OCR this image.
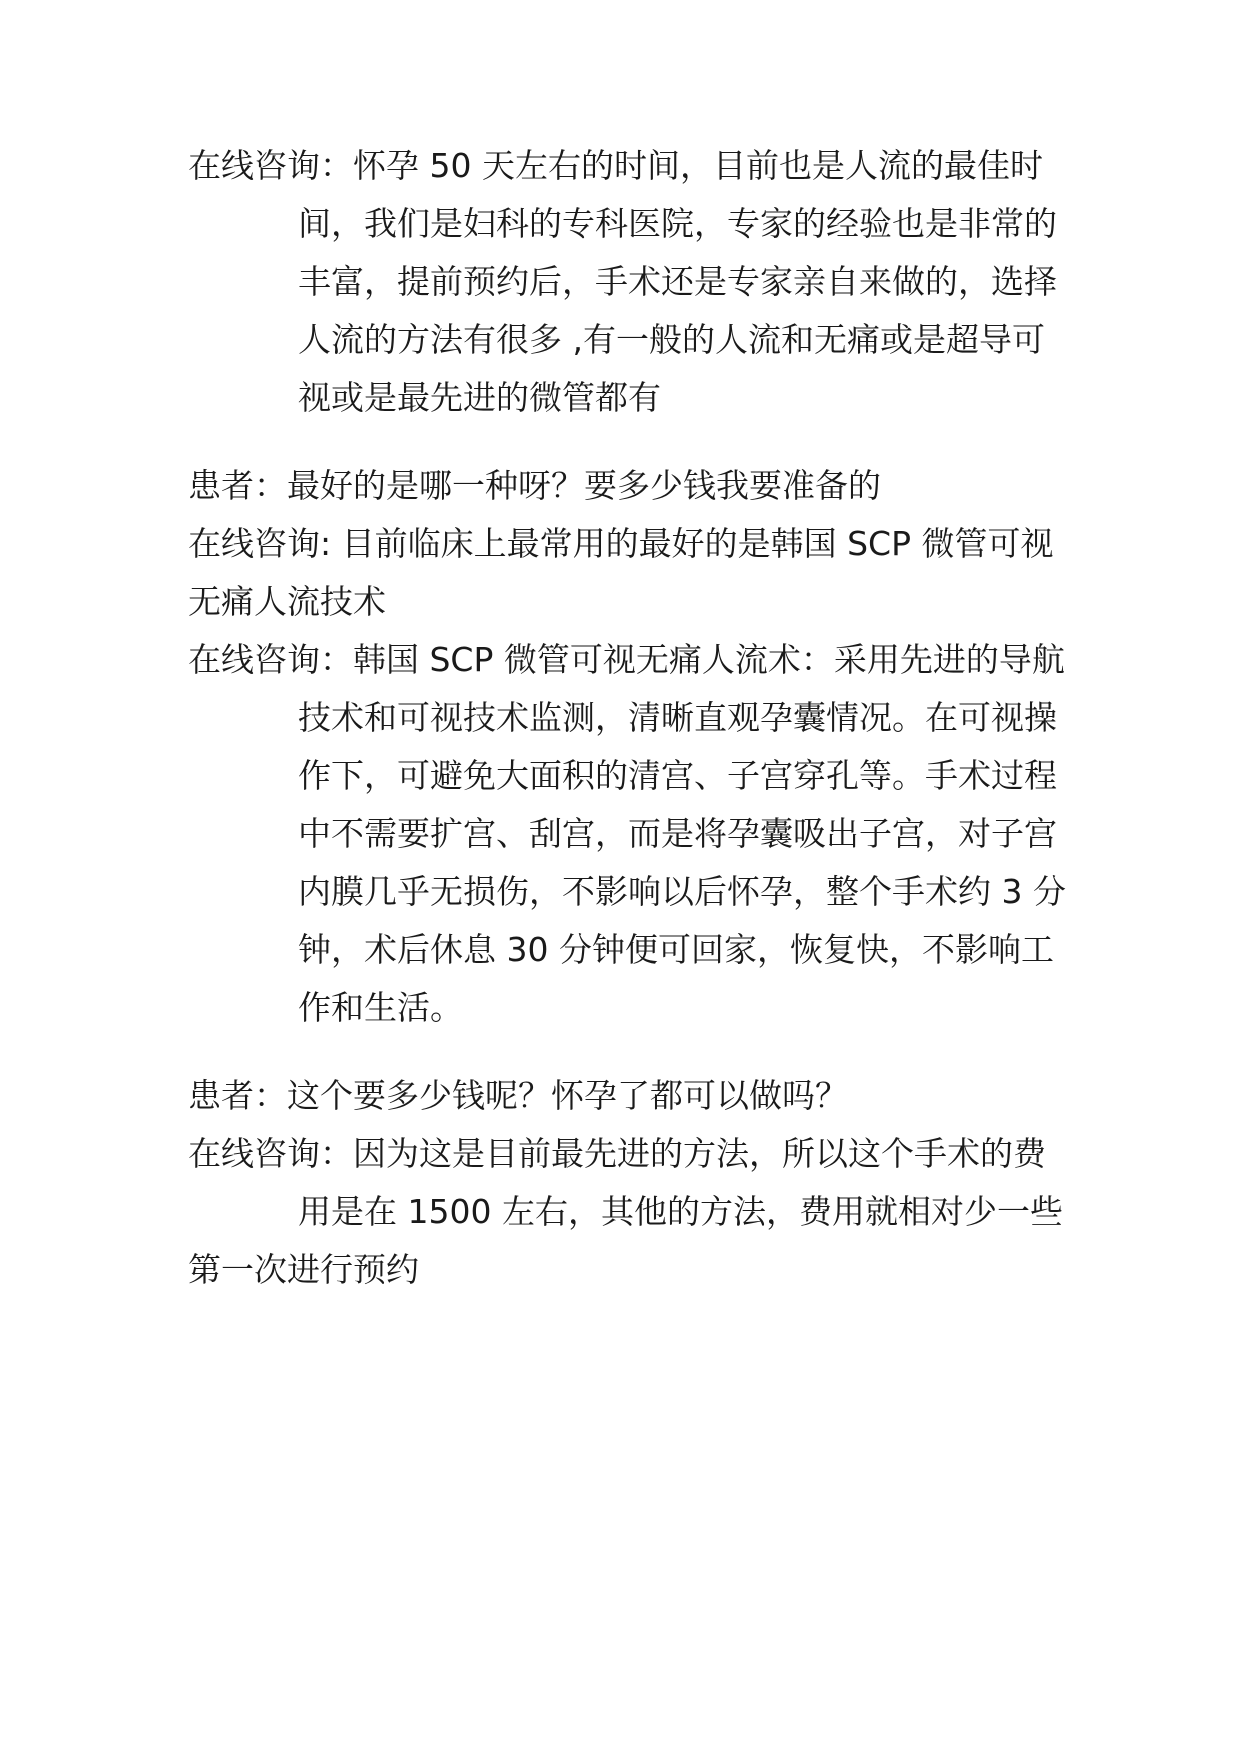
在线咨询：怀孕 50 天左右的时间，目前也是人流的最佳时
间，我们是妇科的专科医院，专家的经验也是非常的
丰富，提前预约后，手术还是专家亲自来做的，选择
人流的方法有很多 ,有一般的人流和无痛或是超导可
视或是最先进的微管都有
患者：最好的是哪一种呀？要多少钱我要准备的
在线咨询: 目前临床上最常用的最好的是韩国 SCP 微管可视
无痛人流技术
在线咨询：韩国 SCP 微管可视无痛人流术：采用先进的导航
技术和可视技术监测，清晰直观孕囊情况。在可视操
作下，可避免大面积的清宫、子宫穿孔等。手术过程
中不需要扩宫、刮宫，而是将孕囊吸出子宫，对子宫
内膜几乎无损伤，不影响以后怀孕，整个手术约 3 分
钟，术后休息 30 分钟便可回家，恢复快，不影响工
作和生活。
患者：这个要多少钱呢？怀孕了都可以做吗？
在线咨询：因为这是目前最先进的方法，所以这个手术的费
用是在 1500 左右，其他的方法，费用就相对少一些
第一次进行预约
